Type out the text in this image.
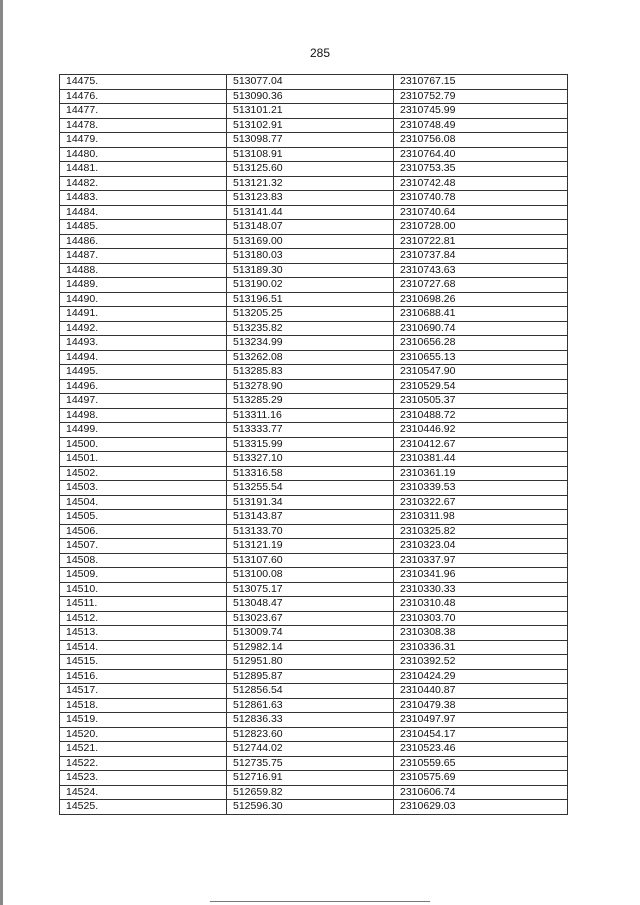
285
14475.	513077.04	2310767.15
14476.	513090.36	2310752.79
14477.	513101.21	2310745.99
14478.	513102.91	2310748.49
14479.	513098.77	2310756.08
14480.	513108.91	2310764.40
14481.	513125.60	2310753.35
14482.	513121.32	2310742.48
14483.	513123.83	2310740.78
14484.	513141.44	2310740.64
14485.	513148.07	2310728.00
14486.	513169.00	2310722.81
14487.	513180.03	2310737.84
14488.	513189.30	2310743.63
14489.	513190.02	2310727.68
14490.	513196.51	2310698.26
14491.	513205.25	2310688.41
14492.	513235.82	2310690.74
14493.	513234.99	2310656.28
14494.	513262.08	2310655.13
14495.	513285.83	2310547.90
14496.	513278.90	2310529.54
14497.	513285.29	2310505.37
14498.	513311.16	2310488.72
14499.	513333.77	2310446.92
14500.	513315.99	2310412.67
14501.	513327.10	2310381.44
14502.	513316.58	2310361.19
14503.	513255.54	2310339.53
14504.	513191.34	2310322.67
14505.	513143.87	2310311.98
14506.	513133.70	2310325.82
14507.	513121.19	2310323.04
14508.	513107.60	2310337.97
14509.	513100.08	2310341.96
14510.	513075.17	2310330.33
14511.	513048.47	2310310.48
14512.	513023.67	2310303.70
14513.	513009.74	2310308.38
14514.	512982.14	2310336.31
14515.	512951.80	2310392.52
14516.	512895.87	2310424.29
14517.	512856.54	2310440.87
14518.	512861.63	2310479.38
14519.	512836.33	2310497.97
14520.	512823.60	2310454.17
14521.	512744.02	2310523.46
14522.	512735.75	2310559.65
14523.	512716.91	2310575.69
14524.	512659.82	2310606.74
14525.	512596.30	2310629.03
